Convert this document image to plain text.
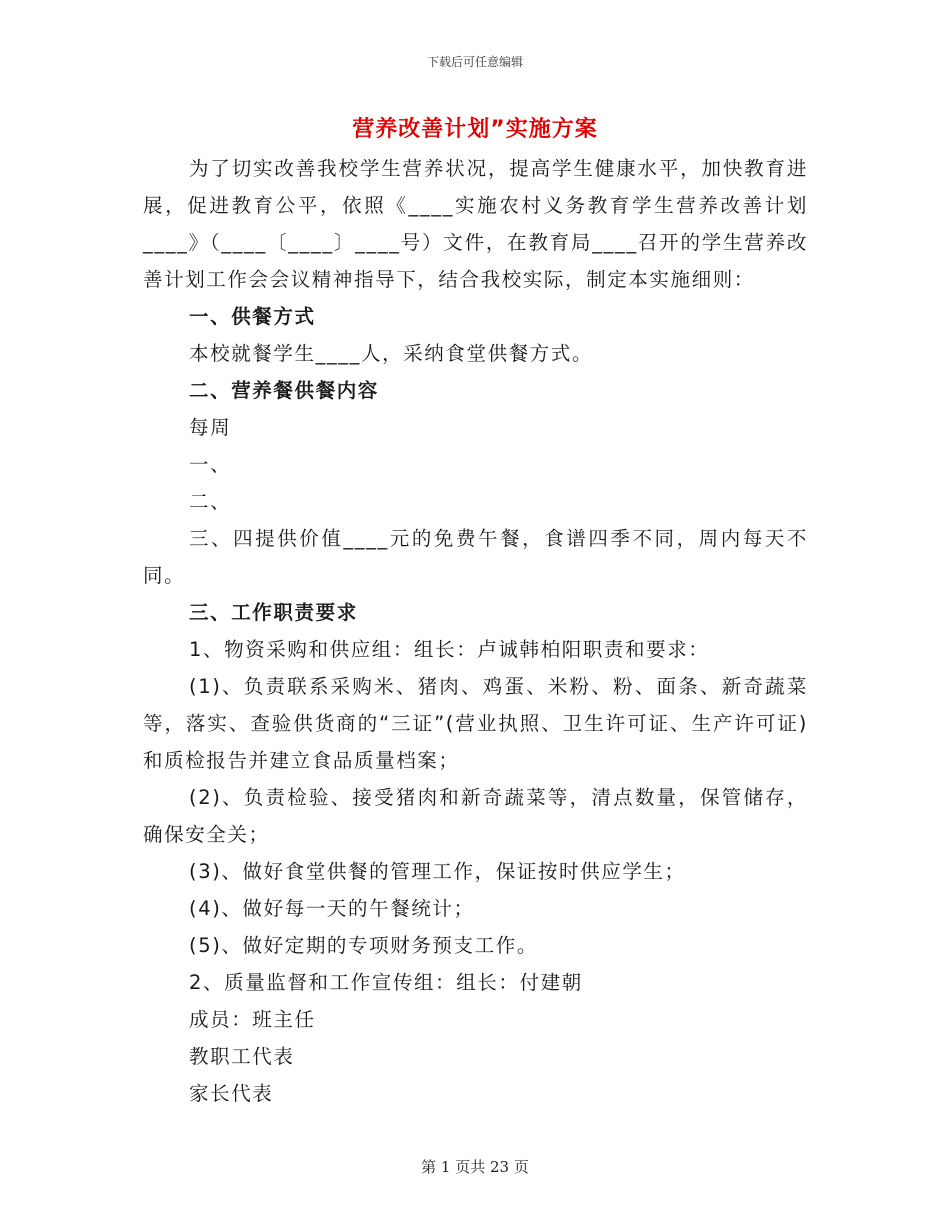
下载后可任意编辑
营养改善计划”实施方案

为了切实改善我校学生营养状况，提高学生健康水平，加快教育进展，促进教育公平，依照《____实施农村义务教育学生营养改善计划____》（____〔____〕____号）文件，在教育局____召开的学生营养改善计划工作会会议精神指导下，结合我校实际，制定本实施细则：

一、供餐方式

本校就餐学生____人，采纳食堂供餐方式。

二、营养餐供餐内容

每周

一、

二、

三、四提供价值____元的免费午餐，食谱四季不同，周内每天不同。

三、工作职责要求

1、物资采购和供应组：组长：卢诚韩柏阳职责和要求：

(1)、负责联系采购米、猪肉、鸡蛋、米粉、粉、面条、新奇蔬菜等，落实、查验供货商的“三证”(营业执照、卫生许可证、生产许可证)和质检报告并建立食品质量档案；

(2)、负责检验、接受猪肉和新奇蔬菜等，清点数量，保管储存，确保安全关；

(3)、做好食堂供餐的管理工作，保证按时供应学生；

(4)、做好每一天的午餐统计；

(5)、做好定期的专项财务预支工作。

2、质量监督和工作宣传组：组长：付建朝

成员：班主任

教职工代表

家长代表

第 1 页共 23 页
